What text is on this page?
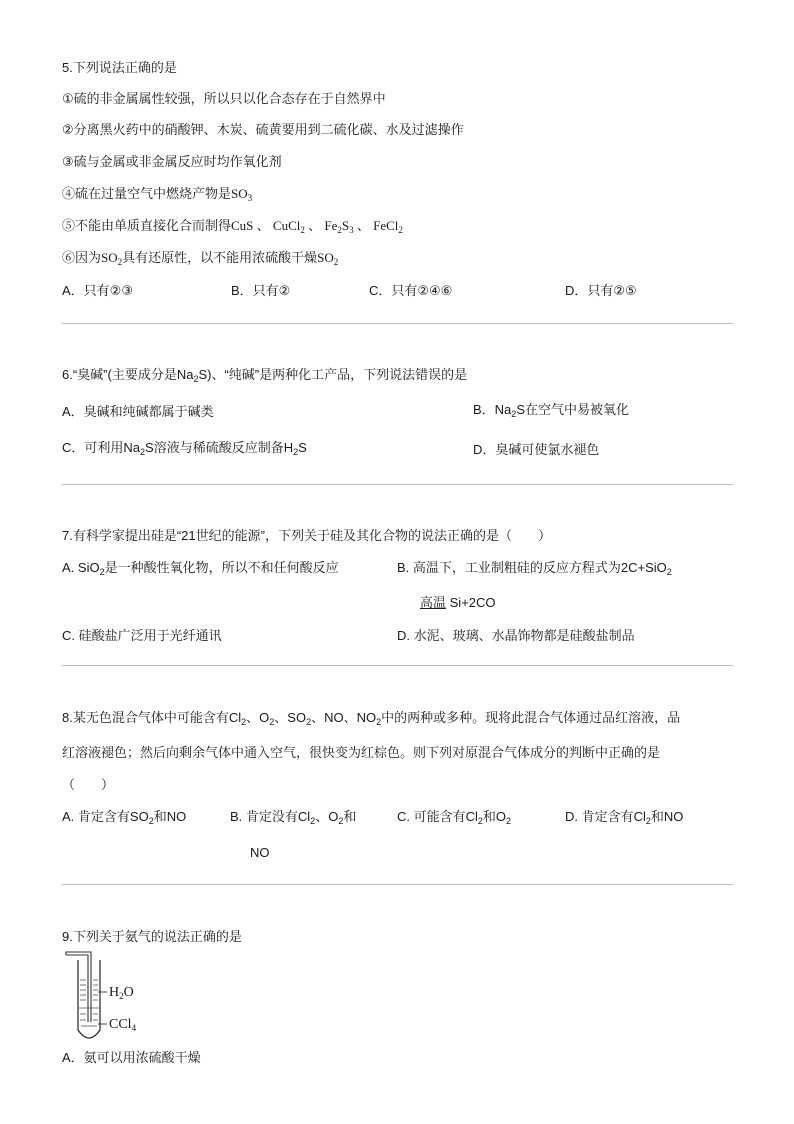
5.下列说法正确的是
①硫的非金属属性较强，所以只以化合态存在于自然界中
②分离黑火药中的硝酸钾、木炭、硫黄要用到二硫化碳、水及过滤操作
③硫与金属或非金属反应时均作氧化剂
④硫在过量空气中燃烧产物是$SO_3$
⑤不能由单质直接化合而制得CuS 、 CuCl$_2$ 、 $Fe_2S_3$ 、 FeCl$_2$
⑥因为$SO_2$具有还原性，以不能用浓硫酸干燥$SO_2$
A．只有②③	B．只有②	C．只有②④⑥	D．只有②⑤
6.“臭碱”(主要成分是$Na_2S$)、“纯碱”是两种化工产品，下列说法错误的是
A．臭碱和纯碱都属于碱类	B．$Na_2S$在空气中易被氧化
C．可利用$Na_2S$溶液与稀硫酸反应制备$H_2S$	D．臭碱可使氯水褪色
7.有科学家提出硅是“21世纪的能源”，下列关于硅及其化合物的说法正确的是（　　）
A. SiO$_2$是一种酸性氧化物，所以不和任何酸反应	B. 高温下，工业制粗硅的反应方程式为2C+SiO$_2$
高温 Si+2CO
C. 硅酸盐广泛用于光纤通讯	D. 水泥、玻璃、水晶饰物都是硅酸盐制品
8.某无色混合气体中可能含有$Cl_2$、$O_2$、$SO_2$、NO、$NO_2$中的两种或多种。现将此混合气体通过品红溶液，品
红溶液褪色；然后向剩余气体中通入空气，很快变为红棕色。则下列对原混合气体成分的判断中正确的是
（　　）
A. 肯定含有$SO_2$和NO	B. 肯定没有$Cl_2$、$O_2$和
NO
C. 可能含有$Cl_2$和$O_2$	D. 肯定含有$Cl_2$和NO
9.下列关于氨气的说法正确的是
$H_2O$
CCl$_4$
A．氨可以用浓硫酸干燥
